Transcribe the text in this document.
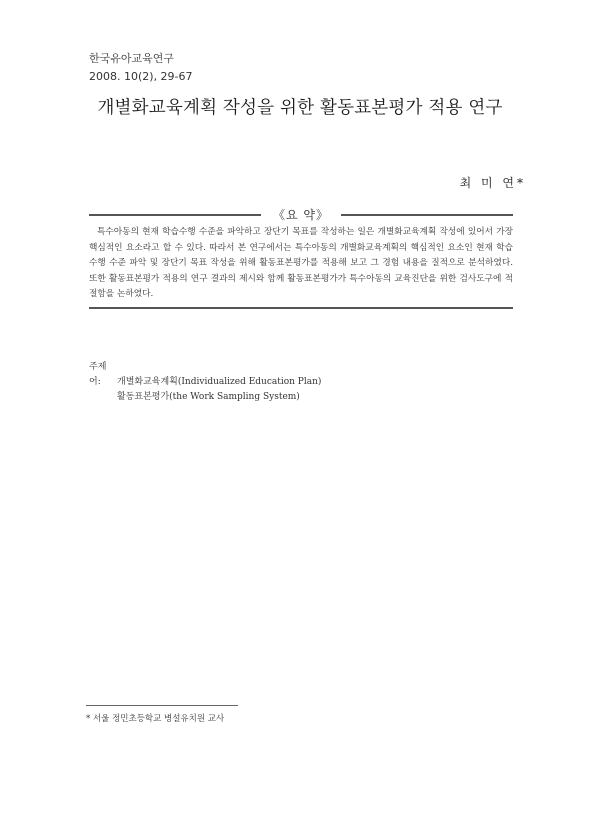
한국유아교육연구
2008. 10(2), 29-67
개별화교육계획 작성을 위한 활동표본평가 적용 연구
최 미 연*
《요 약》
특수아동의 현재 학습수행 수준을 파악하고 장단기 목표를 작성하는 일은 개별화교육계획 작성에 있어서 가장 핵심적인 요소라고 할 수 있다. 따라서 본 연구에서는 특수아동의 개별화교육계획의 핵심적인 요소인 현재 학습수행 수준 파악 및 장단기 목표 작성을 위해 활동표본평가를 적용해 보고 그 경험 내용을 질적으로 분석하였다. 또한 활동표본평가 적용의 연구 결과의 제시와 함께 활동표본평가가 특수아동의 교육진단을 위한 검사도구에 적절함을 논하였다.
주제어: 개별화교육계획(Individualized Education Plan)
활동표본평가(the Work Sampling System)
* 서울 정민초등학교 병설유치원 교사
